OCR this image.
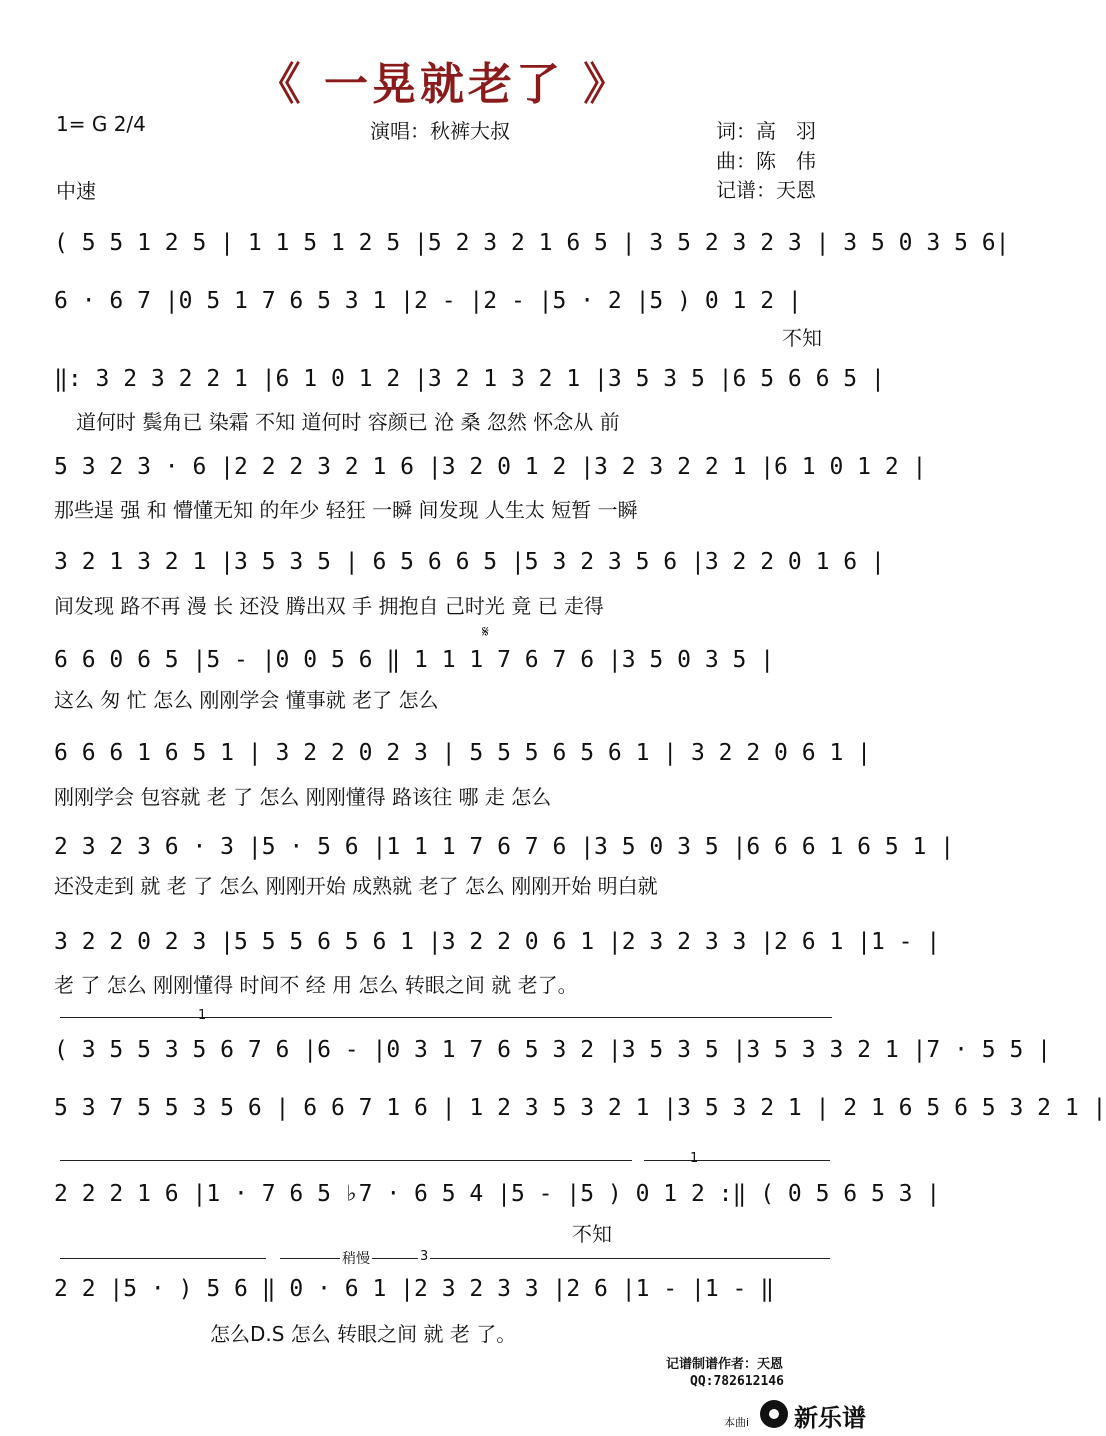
《 一晃就老了 》
1= G 2/4	演唱：秋裤大叔	词：高　羽
曲：陈　伟
记谱：天恩
中速
( 5 5 1 2 5 | 1 1 5 1 2 5 |5 2 3 2 1 6 5 | 3 5 2 3 2 3 | 3 5 0 3 5 6|
6 · 6 7 |0 5 1 7 6 5 3 1 |2 - |2 - |5 · 2 |5 ) 0 1 2 |
不知
‖: 3 2 3 2 2 1 |6 1 0 1 2 |3 2 1 3 2 1 |3 5 3 5 |6 5 6 6 5 |
道何时 鬓角已 染霜 不知 道何时 容颜已 沧 桑 忽然 怀念从 前
5 3 2 3 · 6 |2 2 2 3 2 1 6 |3 2 0 1 2 |3 2 3 2 2 1 |6 1 0 1 2 |
那些逞 强 和 懵懂无知 的年少 轻狂 一瞬 间发现 人生太 短暂 一瞬
3 2 1 3 2 1 |3 5 3 5 | 6 5 6 6 5 |5 3 2 3 5 6 |3 2 2 0 1 6 |
间发现 路不再 漫 长 还没 腾出双 手 拥抱自 己时光 竟 已 走得
𝄋
6 6 0 6 5 |5 - |0 0 5 6 ‖ 1 1 1 7 6 7 6 |3 5 0 3 5 |
这么 匆 忙 怎么 刚刚学会 懂事就 老了 怎么
6 6 6 1 6 5 1 | 3 2 2 0 2 3 | 5 5 5 6 5 6 1 | 3 2 2 0 6 1 |
刚刚学会 包容就 老 了 怎么 刚刚懂得 路该往 哪 走 怎么
2 3 2 3 6 · 3 |5 · 5 6 |1 1 1 7 6 7 6 |3 5 0 3 5 |6 6 6 1 6 5 1 |
还没走到 就 老 了 怎么 刚刚开始 成熟就 老了 怎么 刚刚开始 明白就
3 2 2 0 2 3 |5 5 5 6 5 6 1 |3 2 2 0 6 1 |2 3 2 3 3 |2 6 1 |1 - |
老 了 怎么 刚刚懂得 时间不 经 用 怎么 转眼之间 就 老了。
1
( 3 5 5 3 5 6 7 6 |6 - |0 3 1 7 6 5 3 2 |3 5 3 5 |3 5 3 3 2 1 |7 · 5 5 |
5 3 7 5 5 3 5 6 | 6 6 7 1 6 | 1 2 3 5 3 2 1 |3 5 3 2 1 | 2 1 6 5 6 5 3 2 1 |
1
2 2 2 1 6 |1 · 7 6 5 ♭7 · 6 5 4 |5 - |5 ) 0 1 2 :‖ ( 0 5 6 5 3 |
不知
稍慢	3
2 2 |5 · ) 5 6 ‖ 0 · 6 1 |2 3 2 3 3 |2 6 |1 - |1 - ‖
怎么D.S 怎么 转眼之间 就 老 了。
记谱制谱作者：天恩
QQ:782612146
本曲i 新乐谱
